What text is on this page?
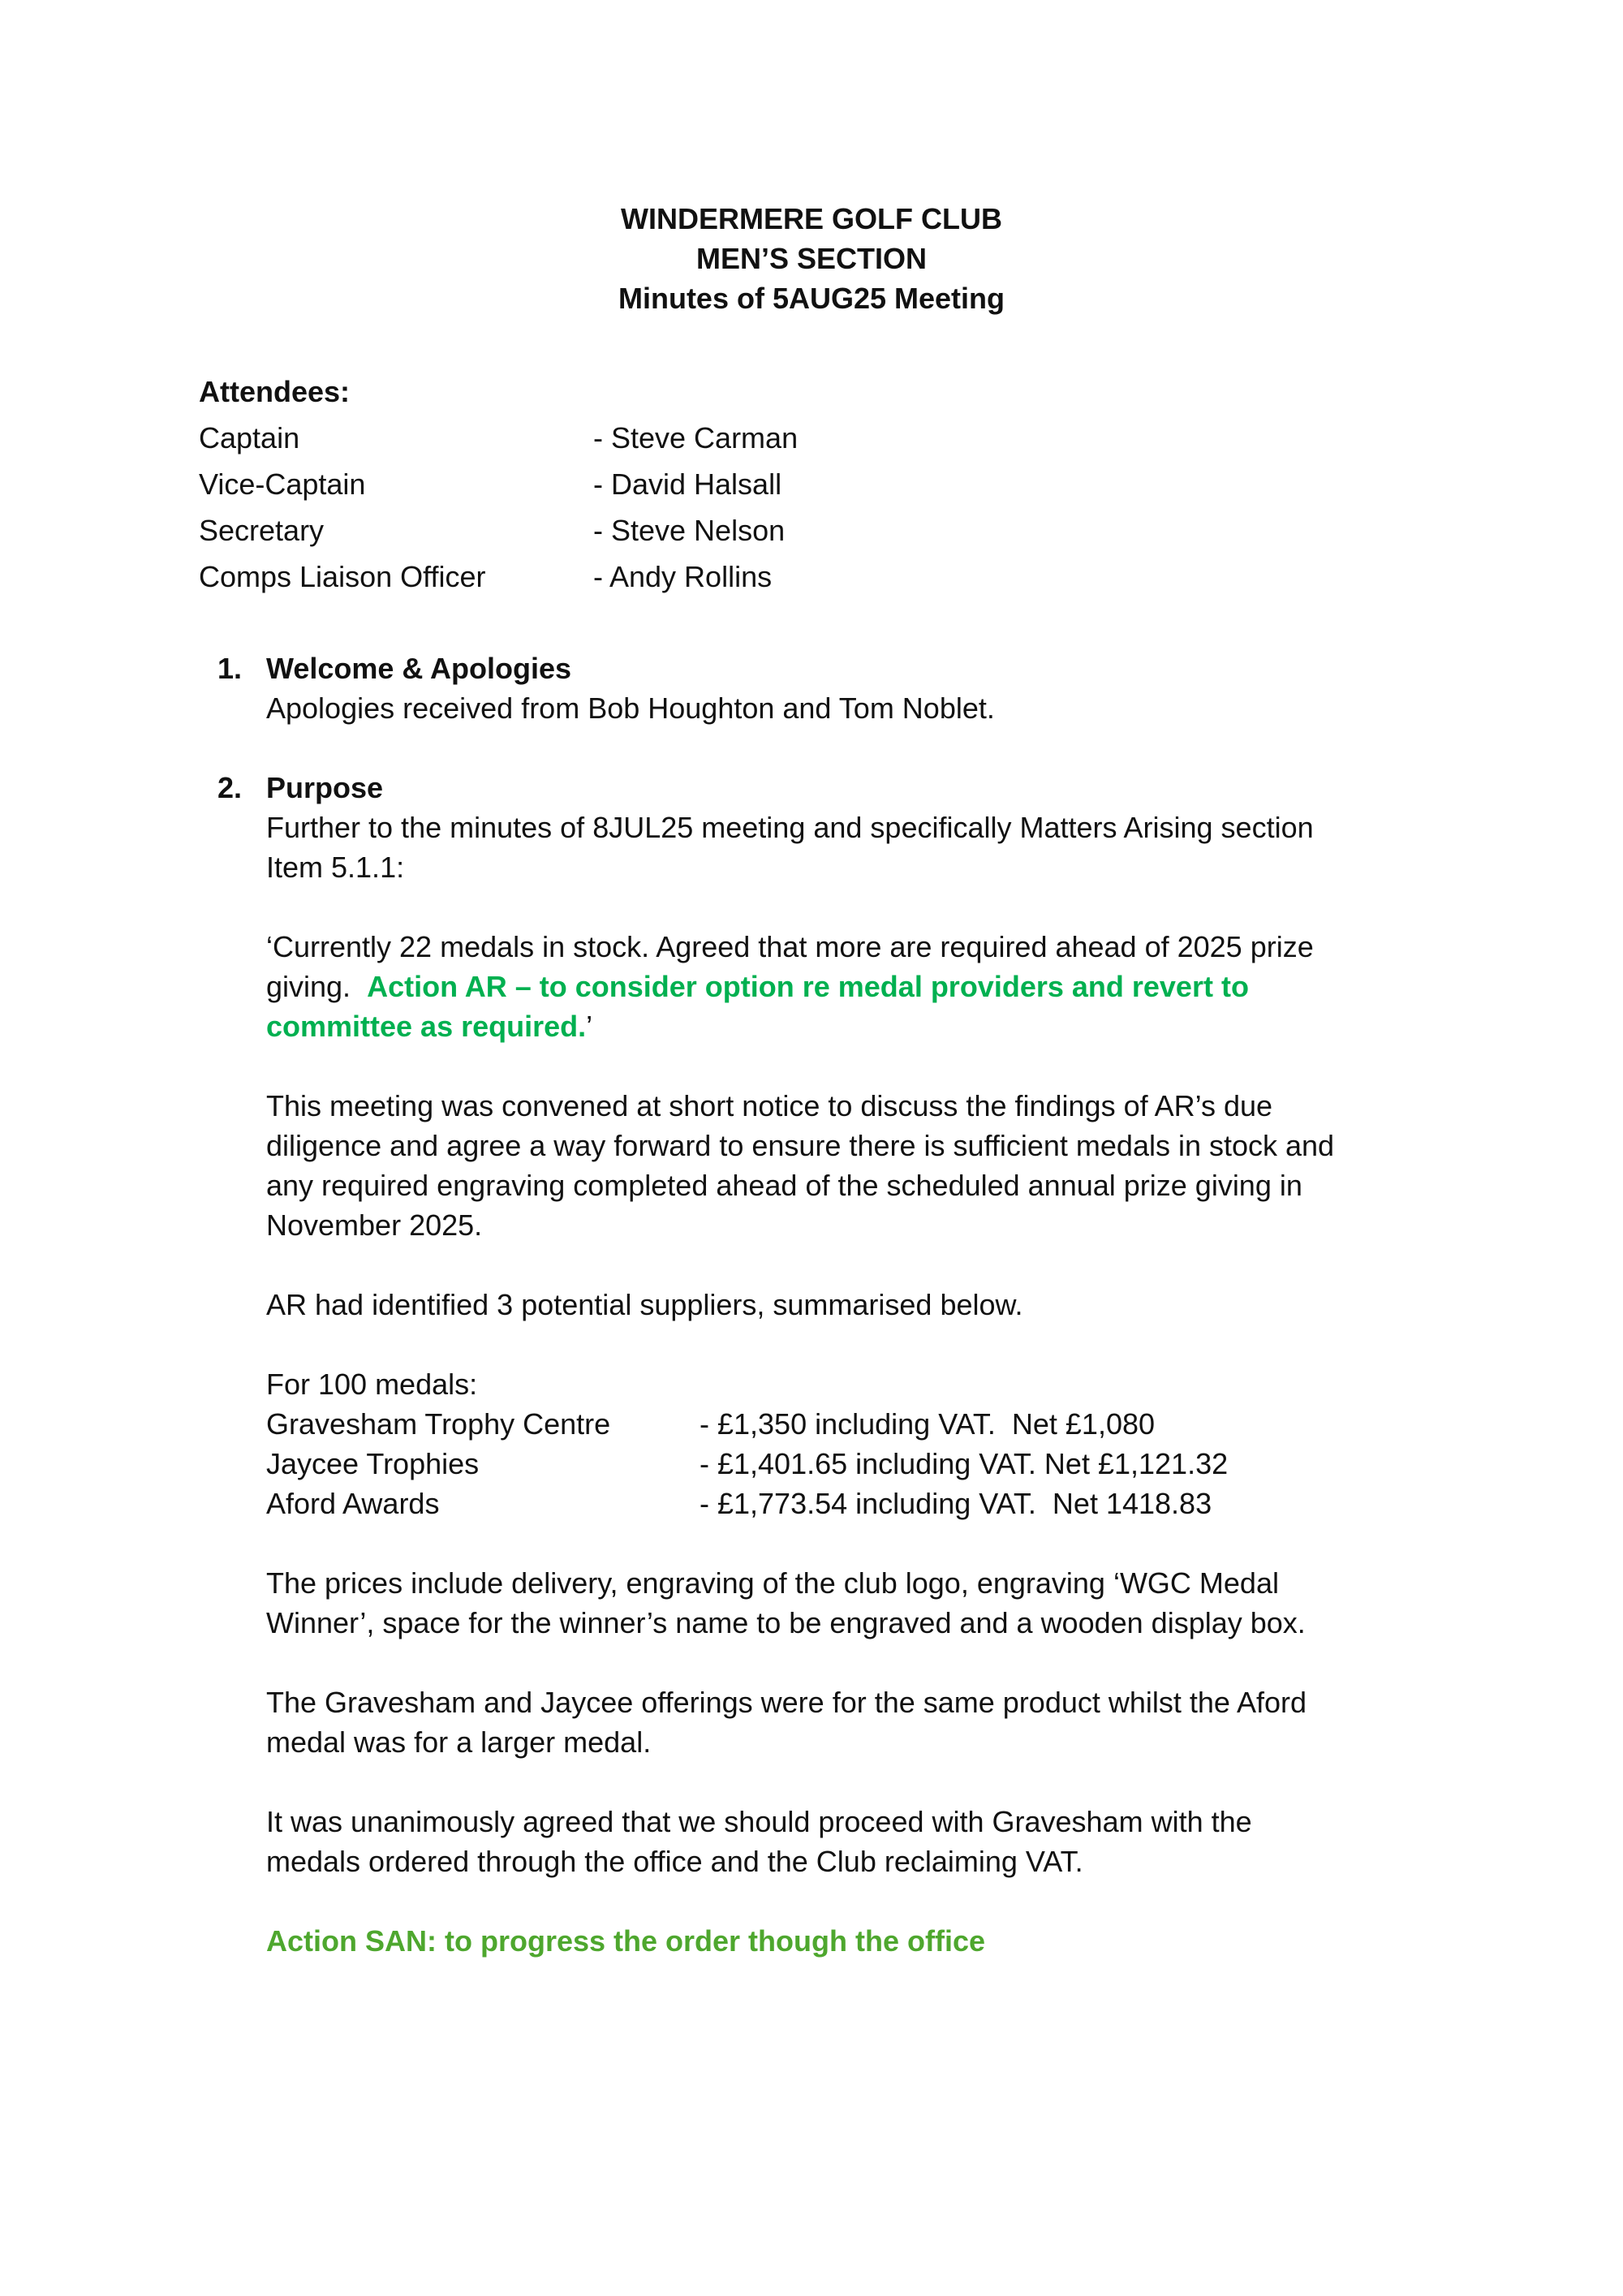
WINDERMERE GOLF CLUB
MEN’S SECTION
Minutes of 5AUG25 Meeting
Attendees:
Captain	- Steve Carman
Vice-Captain	- David Halsall
Secretary	- Steve Nelson
Comps Liaison Officer	- Andy Rollins
1. Welcome & Apologies
Apologies received from Bob Houghton and Tom Noblet.
2. Purpose
Further to the minutes of 8JUL25 meeting and specifically Matters Arising section
Item 5.1.1:
‘Currently 22 medals in stock. Agreed that more are required ahead of 2025 prize
giving.  Action AR – to consider option re medal providers and revert to
committee as required.’
This meeting was convened at short notice to discuss the findings of AR’s due
diligence and agree a way forward to ensure there is sufficient medals in stock and
any required engraving completed ahead of the scheduled annual prize giving in
November 2025.
AR had identified 3 potential suppliers, summarised below.
For 100 medals:
Gravesham Trophy Centre	- £1,350 including VAT.  Net £1,080
Jaycee Trophies	- £1,401.65 including VAT. Net £1,121.32
Aford Awards	- £1,773.54 including VAT.  Net 1418.83
The prices include delivery, engraving of the club logo, engraving ‘WGC Medal
Winner’, space for the winner’s name to be engraved and a wooden display box.
The Gravesham and Jaycee offerings were for the same product whilst the Aford
medal was for a larger medal.
It was unanimously agreed that we should proceed with Gravesham with the
medals ordered through the office and the Club reclaiming VAT.
Action SAN: to progress the order though the office
